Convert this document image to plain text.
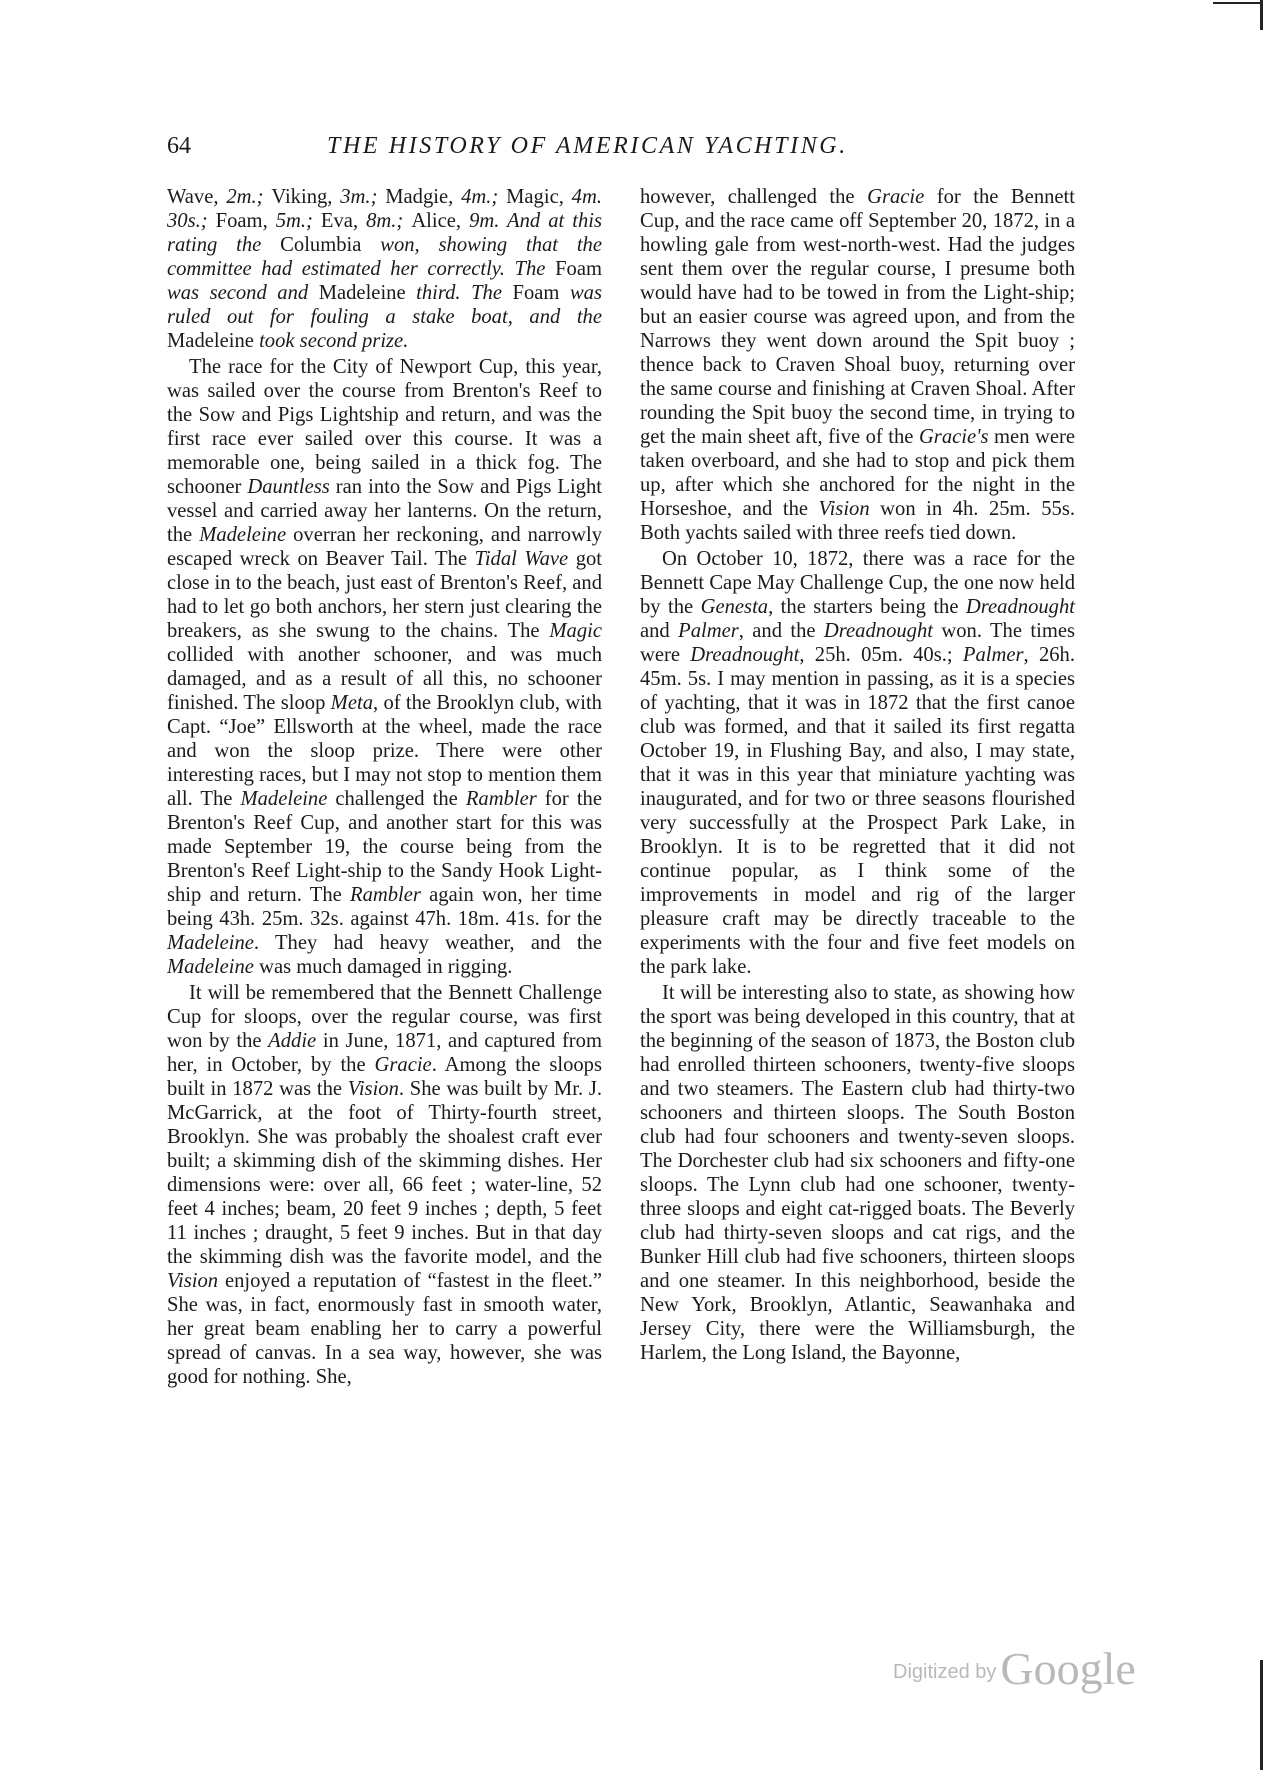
64	THE HISTORY OF AMERICAN YACHTING.

Wave, 2m.; Viking, 3m.; Madgie, 4m.; Magic, 4m. 30s.; Foam, 5m.; Eva, 8m.; Alice, 9m. And at this rating the Columbia won, showing that the committee had estimated her correctly. The Foam was second and Madeleine third. The Foam was ruled out for fouling a stake boat, and the Madeleine took second prize.

The race for the City of Newport Cup, this year, was sailed over the course from Brenton's Reef to the Sow and Pigs Lightship and return, and was the first race ever sailed over this course. It was a memorable one, being sailed in a thick fog. The schooner Dauntless ran into the Sow and Pigs Light vessel and carried away her lanterns. On the return, the Madeleine overran her reckoning, and narrowly escaped wreck on Beaver Tail. The Tidal Wave got close in to the beach, just east of Brenton's Reef, and had to let go both anchors, her stern just clearing the breakers, as she swung to the chains. The Magic collided with another schooner, and was much damaged, and as a result of all this, no schooner finished. The sloop Meta, of the Brooklyn club, with Capt. “Joe” Ellsworth at the wheel, made the race and won the sloop prize. There were other interesting races, but I may not stop to mention them all. The Madeleine challenged the Rambler for the Brenton's Reef Cup, and another start for this was made September 19, the course being from the Brenton's Reef Light-ship to the Sandy Hook Light-ship and return. The Rambler again won, her time being 43h. 25m. 32s. against 47h. 18m. 41s. for the Madeleine. They had heavy weather, and the Madeleine was much damaged in rigging.

It will be remembered that the Bennett Challenge Cup for sloops, over the regular course, was first won by the Addie in June, 1871, and captured from her, in October, by the Gracie. Among the sloops built in 1872 was the Vision. She was built by Mr. J. McGarrick, at the foot of Thirty-fourth street, Brooklyn. She was probably the shoalest craft ever built; a skimming dish of the skimming dishes. Her dimensions were: over all, 66 feet ; water-line, 52 feet 4 inches; beam, 20 feet 9 inches ; depth, 5 feet 11 inches ; draught, 5 feet 9 inches. But in that day the skimming dish was the favorite model, and the Vision enjoyed a reputation of “fastest in the fleet.” She was, in fact, enormously fast in smooth water, her great beam enabling her to carry a powerful spread of canvas. In a sea way, however, she was good for nothing. She,

however, challenged the Gracie for the Bennett Cup, and the race came off September 20, 1872, in a howling gale from west-north-west. Had the judges sent them over the regular course, I presume both would have had to be towed in from the Light-ship; but an easier course was agreed upon, and from the Narrows they went down around the Spit buoy ; thence back to Craven Shoal buoy, returning over the same course and finishing at Craven Shoal. After rounding the Spit buoy the second time, in trying to get the main sheet aft, five of the Gracie's men were taken overboard, and she had to stop and pick them up, after which she anchored for the night in the Horseshoe, and the Vision won in 4h. 25m. 55s. Both yachts sailed with three reefs tied down.

On October 10, 1872, there was a race for the Bennett Cape May Challenge Cup, the one now held by the Genesta, the starters being the Dreadnought and Palmer, and the Dreadnought won. The times were Dreadnought, 25h. 05m. 40s.; Palmer, 26h. 45m. 5s. I may mention in passing, as it is a species of yachting, that it was in 1872 that the first canoe club was formed, and that it sailed its first regatta October 19, in Flushing Bay, and also, I may state, that it was in this year that miniature yachting was inaugurated, and for two or three seasons flourished very successfully at the Prospect Park Lake, in Brooklyn. It is to be regretted that it did not continue popular, as I think some of the improvements in model and rig of the larger pleasure craft may be directly traceable to the experiments with the four and five feet models on the park lake.

It will be interesting also to state, as showing how the sport was being developed in this country, that at the beginning of the season of 1873, the Boston club had enrolled thirteen schooners, twenty-five sloops and two steamers. The Eastern club had thirty-two schooners and thirteen sloops. The South Boston club had four schooners and twenty-seven sloops. The Dorchester club had six schooners and fifty-one sloops. The Lynn club had one schooner, twenty-three sloops and eight cat-rigged boats. The Beverly club had thirty-seven sloops and cat rigs, and the Bunker Hill club had five schooners, thirteen sloops and one steamer. In this neighborhood, beside the New York, Brooklyn, Atlantic, Seawanhaka and Jersey City, there were the Williamsburgh, the Harlem, the Long Island, the Bayonne,

Digitized by Google
